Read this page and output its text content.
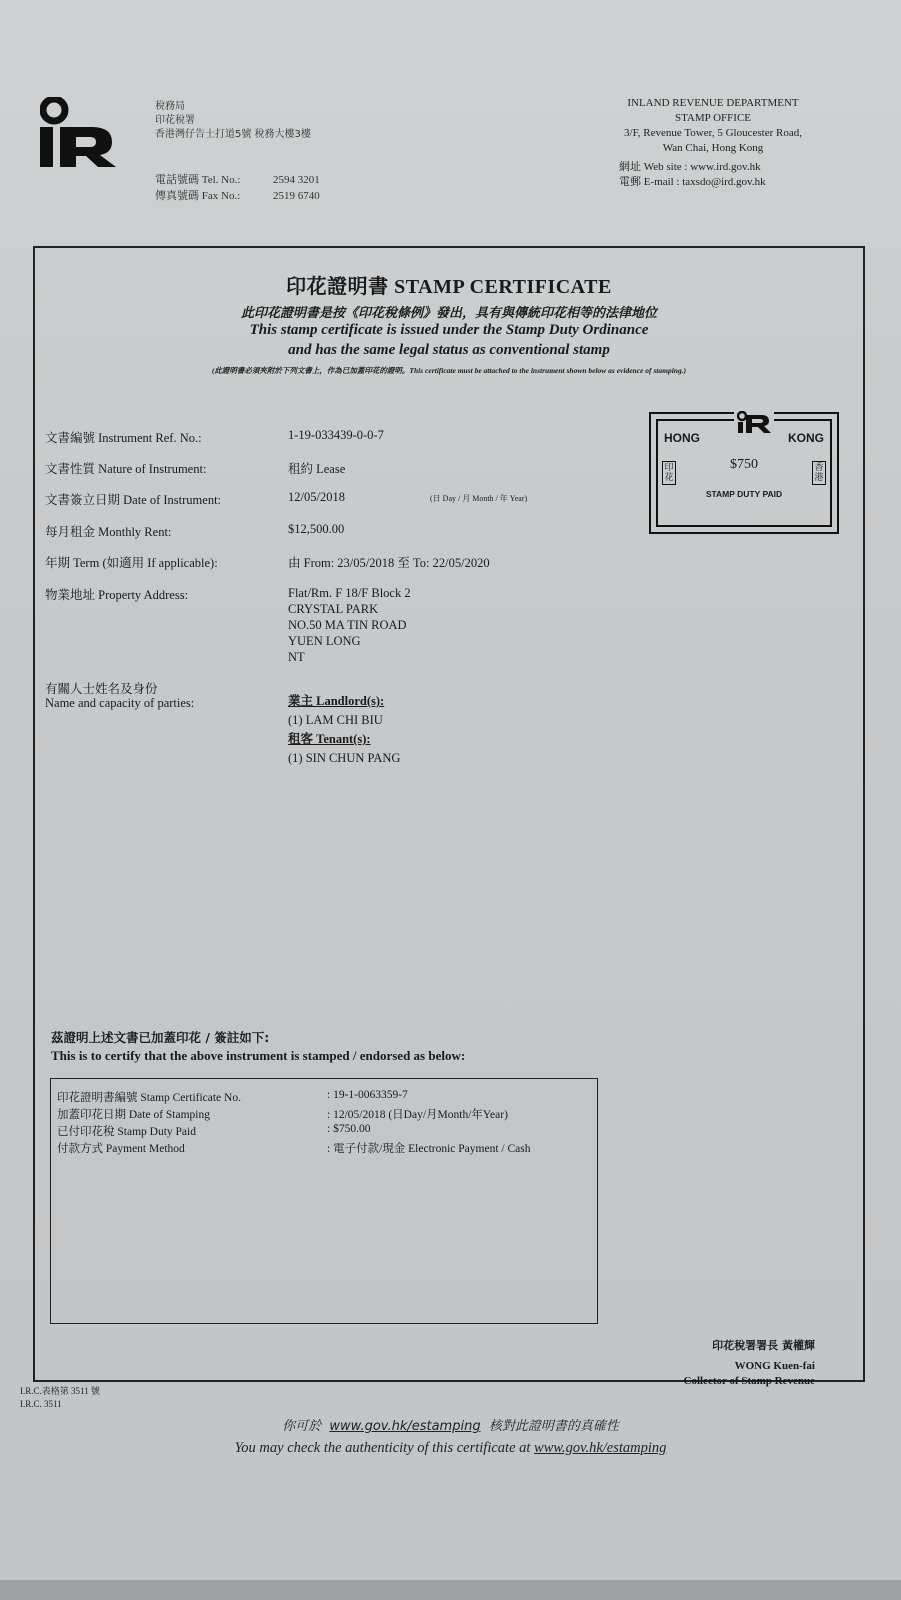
稅務局
印花稅署
香港灣仔告士打道5號 稅務大樓3樓
電話號碼 Tel. No.:	2594 3201
傳真號碼 Fax No.:	2519 6740
INLAND REVENUE DEPARTMENT
STAMP OFFICE
3/F, Revenue Tower, 5 Gloucester Road,
Wan Chai, Hong Kong
網址 Web site : www.ird.gov.hk
電郵 E-mail : taxsdo@ird.gov.hk
印花證明書 STAMP CERTIFICATE
此印花證明書是按《印花稅條例》發出，具有與傳統印花相等的法律地位
This stamp certificate is issued under the Stamp Duty Ordinance
and has the same legal status as conventional stamp
(此證明書必須夾附於下列文書上，作為已加蓋印花的證明。This certificate must be attached to the instrument shown below as evidence of stamping.)
文書編號 Instrument Ref. No.:	1-19-033439-0-0-7
文書性質 Nature of Instrument:	租約 Lease
文書簽立日期 Date of Instrument:	12/05/2018	(日 Day / 月 Month / 年 Year)
每月租金 Monthly Rent:	$12,500.00
年期 Term (如適用 If applicable):	由 From: 23/05/2018 至 To: 22/05/2020
物業地址 Property Address:	Flat/Rm. F 18/F Block 2
CRYSTAL PARK
NO.50 MA TIN ROAD
YUEN LONG
NT
有關人士姓名及身份
Name and capacity of parties:	業主 Landlord(s):
(1) LAM CHI BIU
租客 Tenant(s):
(1) SIN CHUN PANG
HONG	KONG
$750
STAMP DUTY PAID
印花
香港
茲證明上述文書已加蓋印花 / 簽註如下:
This is to certify that the above instrument is stamped / endorsed as below:
印花證明書編號 Stamp Certificate No.	: 19-1-0063359-7
加蓋印花日期 Date of Stamping	: 12/05/2018 (日Day/月Month/年Year)
已付印花稅 Stamp Duty Paid	: $750.00
付款方式 Payment Method	: 電子付款/現金 Electronic Payment / Cash
印花稅署署長 黃權輝
WONG Kuen-fai
Collector of Stamp Revenue
I.R.C.表格第 3511 號
I.R.C. 3511
你可於 www.gov.hk/estamping 核對此證明書的真確性
You may check the authenticity of this certificate at www.gov.hk/estamping
